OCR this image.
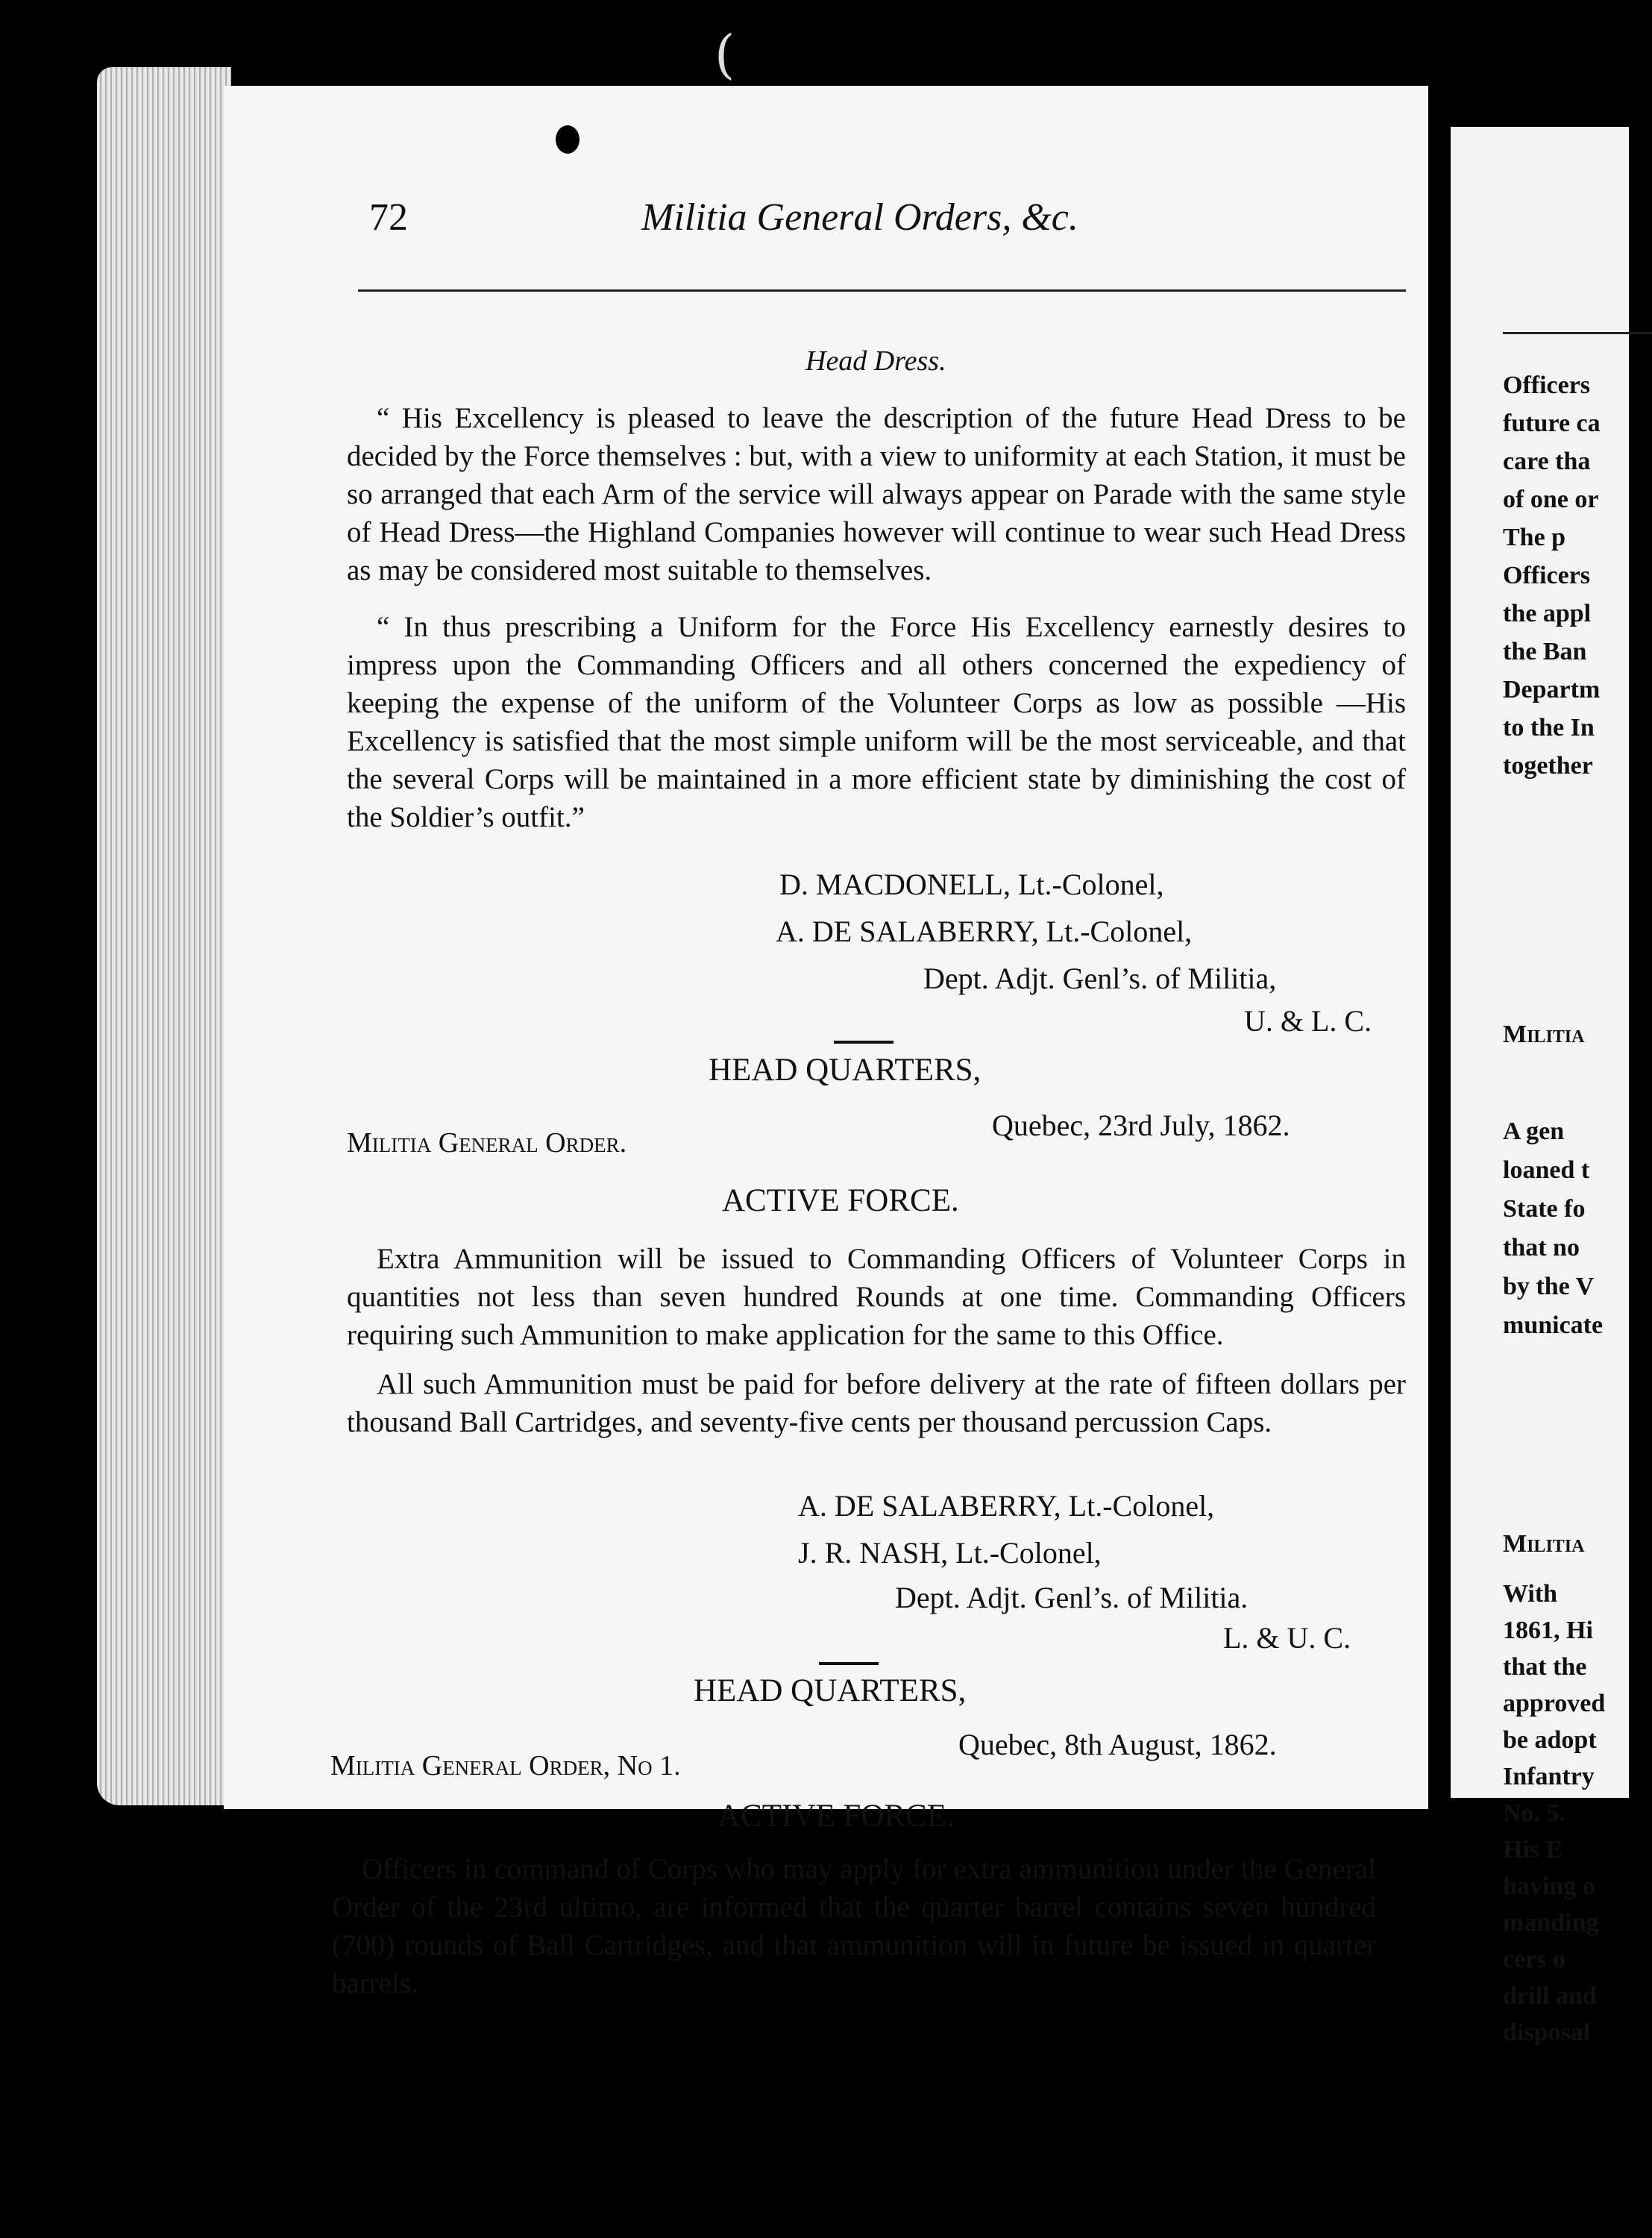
(
72	Militia General Orders, &c.
Head Dress.
“ His Excellency is pleased to leave the description of the future Head Dress to be decided by the Force themselves : but, with a view to uniformity at each Station, it must be so arranged that each Arm of the service will always appear on Parade with the same style of Head Dress—the Highland Companies however will continue to wear such Head Dress as may be considered most suitable to themselves.
“ In thus prescribing a Uniform for the Force His Excellency earnestly desires to impress upon the Commanding Officers and all others concerned the expediency of keeping the expense of the uniform of the Volunteer Corps as low as possible —His Excellency is satisfied that the most simple uniform will be the most serviceable, and that the several Corps will be maintained in a more efficient state by diminishing the cost of the Soldier’s outfit.”
D. MACDONELL, Lt.-Colonel,
A. DE SALABERRY, Lt.-Colonel,
Dept. Adjt. Genl’s. of Militia,
U. & L. C.
HEAD QUARTERS,
Quebec, 23rd July, 1862.
Militia General Order.
ACTIVE FORCE.
Extra Ammunition will be issued to Commanding Officers of Volunteer Corps in quantities not less than seven hundred Rounds at one time. Commanding Officers requiring such Ammunition to make application for the same to this Office.
All such Ammunition must be paid for before delivery at the rate of fifteen dollars per thousand Ball Cartridges, and seventy-five cents per thousand percussion Caps.
A. DE SALABERRY, Lt.-Colonel,
J. R. NASH, Lt.-Colonel,
Dept. Adjt. Genl’s. of Militia.
L. & U. C.
HEAD QUARTERS,
Quebec, 8th August, 1862.
Militia General Order, No 1.
ACTIVE FORCE.
Officers in command of Corps who may apply for extra ammunition under the General Order of the 23rd ultimo, are informed that the quarter barrel contains seven hundred (700) rounds of Ball Cartridges, and that ammunition will in future be issued in quarter barrels.
Officers
future ca
care tha
of one or
The p
Officers
the appl
the Ban
Departm
to the In
together
Militia
A gen
loaned t
State fo
that no
by the V
municate
Militia
With
1861, Hi
that the
approved
be adopt
Infantry
No. 5.
His E
having o
manding
cers o
drill and
disposal
